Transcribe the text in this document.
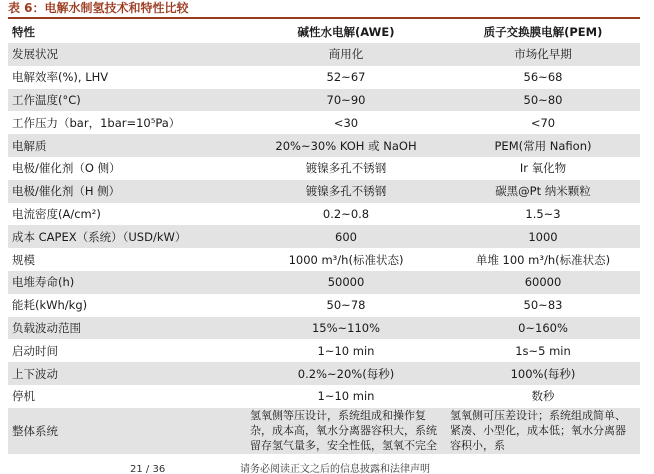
表 6：电解水制氢技术和特性比较
特性	碱性水电解(AWE)	质子交换膜电解(PEM)
发展状况	商用化	市场化早期
电解效率(%), LHV	52~67	56~68
工作温度(°C)	70~90	50~80
工作压力（bar，1bar=10⁵Pa）	<30	<70
电解质	20%~30% KOH 或 NaOH	PEM(常用 Nafion)
电极/催化剂（O 侧）	镀镍多孔不锈钢	Ir 氧化物
电极/催化剂（H 侧）	镀镍多孔不锈钢	碳黑@Pt 纳米颗粒
电流密度(A/cm²)	0.2~0.8	1.5~3
成本 CAPEX（系统）（USD/kW）	600	1000
规模	1000 m³/h(标准状态)	单堆 100 m³/h(标准状态)
电堆寿命(h)	50000	60000
能耗(kWh/kg)	50~78	50~83
负载波动范围	15%~110%	0~160%
启动时间	1~10 min	1s~5 min
上下波动	0.2%~20%(每秒)	100%(每秒)
停机	1~10 min	数秒
整体系统	氢氧侧等压设计，系统组成和操作复杂，成本高，氧水分离器容积大，系统留存氢气量多，安全性低，氢氧不完全	氢氧侧可压差设计；系统组成简单、紧凑、小型化，成本低；氧水分离器容积小，系
21 / 36	请务必阅读正文之后的信息披露和法律声明
